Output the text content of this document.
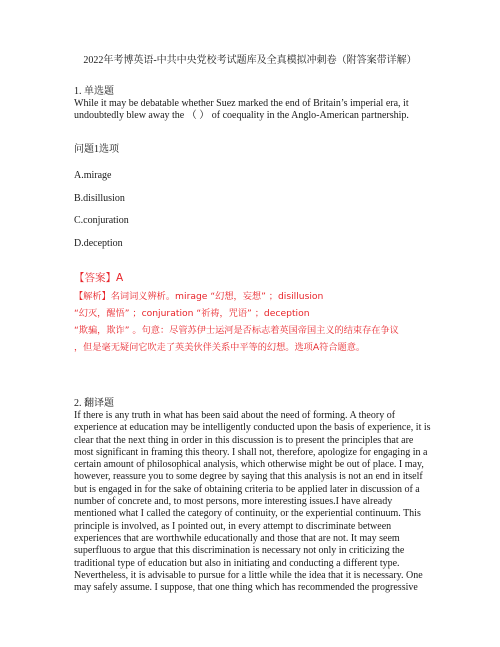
2022年考博英语-中共中央党校考试题库及全真模拟冲刺卷（附答案带详解）
1. 单选题
While it may be debatable whether Suez marked the end of Britain’s imperial era, it
undoubtedly blew away the （ ） of coequality in the Anglo-American partnership.
问题1选项
A.mirage
B.disillusion
C.conjuration
D.deception
【答案】A
【解析】名词词义辨析。mirage “幻想，妄想” ；disillusion
“幻灭，醒悟” ；conjuration “祈祷，咒语” ；deception
“欺骗，欺诈” 。句意：尽管苏伊士运河是否标志着英国帝国主义的结束存在争议
，但是毫无疑问它吹走了英美伙伴关系中平等的幻想。选项A符合题意。
2. 翻译题
If there is any truth in what has been said about the need of forming. A theory of
experience at education may be intelligently conducted upon the basis of experience, it is
clear that the next thing in order in this discussion is to present the principles that are
most significant in framing this theory. I shall not, therefore, apologize for engaging in a
certain amount of philosophical analysis, which otherwise might be out of place. I may,
however, reassure you to some degree by saying that this analysis is not an end in itself
but is engaged in for the sake of obtaining criteria to be applied later in discussion of a
number of concrete and, to most persons, more interesting issues.I have already
mentioned what I called the category of continuity, or the experiential continuum. This
principle is involved, as I pointed out, in every attempt to discriminate between
experiences that are worthwhile educationally and those that are not. It may seem
superfluous to argue that this discrimination is necessary not only in criticizing the
traditional type of education but also in initiating and conducting a different type.
Nevertheless, it is advisable to pursue for a little while the idea that it is necessary. One
may safely assume. I suppose, that one thing which has recommended the progressive
